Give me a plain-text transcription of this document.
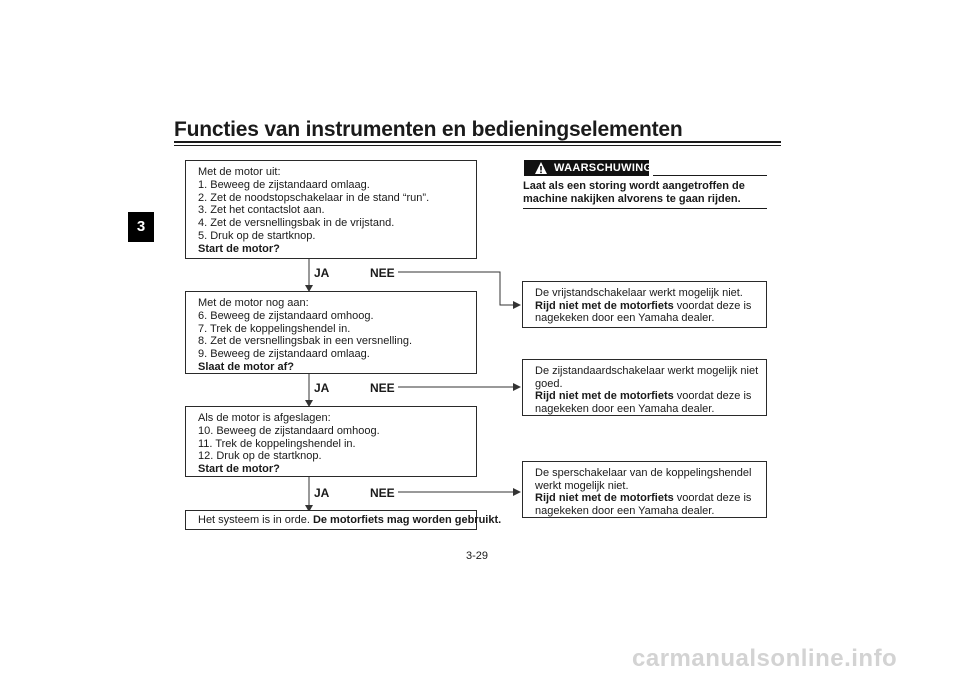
Functies van instrumenten en bedieningselementen
3
Met de motor uit:
1. Beweeg de zijstandaard omlaag.
2. Zet de noodstopschakelaar in de stand “run”.
3. Zet het contactslot aan.
4. Zet de versnellingsbak in de vrijstand.
5. Druk op de startknop.
Start de motor?
JA	NEE
Met de motor nog aan:
6. Beweeg de zijstandaard omhoog.
7. Trek de koppelingshendel in.
8. Zet de versnellingsbak in een versnelling.
9. Beweeg de zijstandaard omlaag.
Slaat de motor af?
JA	NEE
Als de motor is afgeslagen:
10. Beweeg de zijstandaard omhoog.
11. Trek de koppelingshendel in.
12. Druk op de startknop.
Start de motor?
JA	NEE
Het systeem is in orde. De motorfiets mag worden gebruikt.
WAARSCHUWING
Laat als een storing wordt aangetroffen de
machine nakijken alvorens te gaan rijden.
De vrijstandschakelaar werkt mogelijk niet.
Rijd niet met de motorfiets voordat deze is
nagekeken door een Yamaha dealer.
De zijstandaardschakelaar werkt mogelijk niet
goed.
Rijd niet met de motorfiets voordat deze is
nagekeken door een Yamaha dealer.
De sperschakelaar van de koppelingshendel
werkt mogelijk niet.
Rijd niet met de motorfiets voordat deze is
nagekeken door een Yamaha dealer.
3-29
carmanualsonline.info
